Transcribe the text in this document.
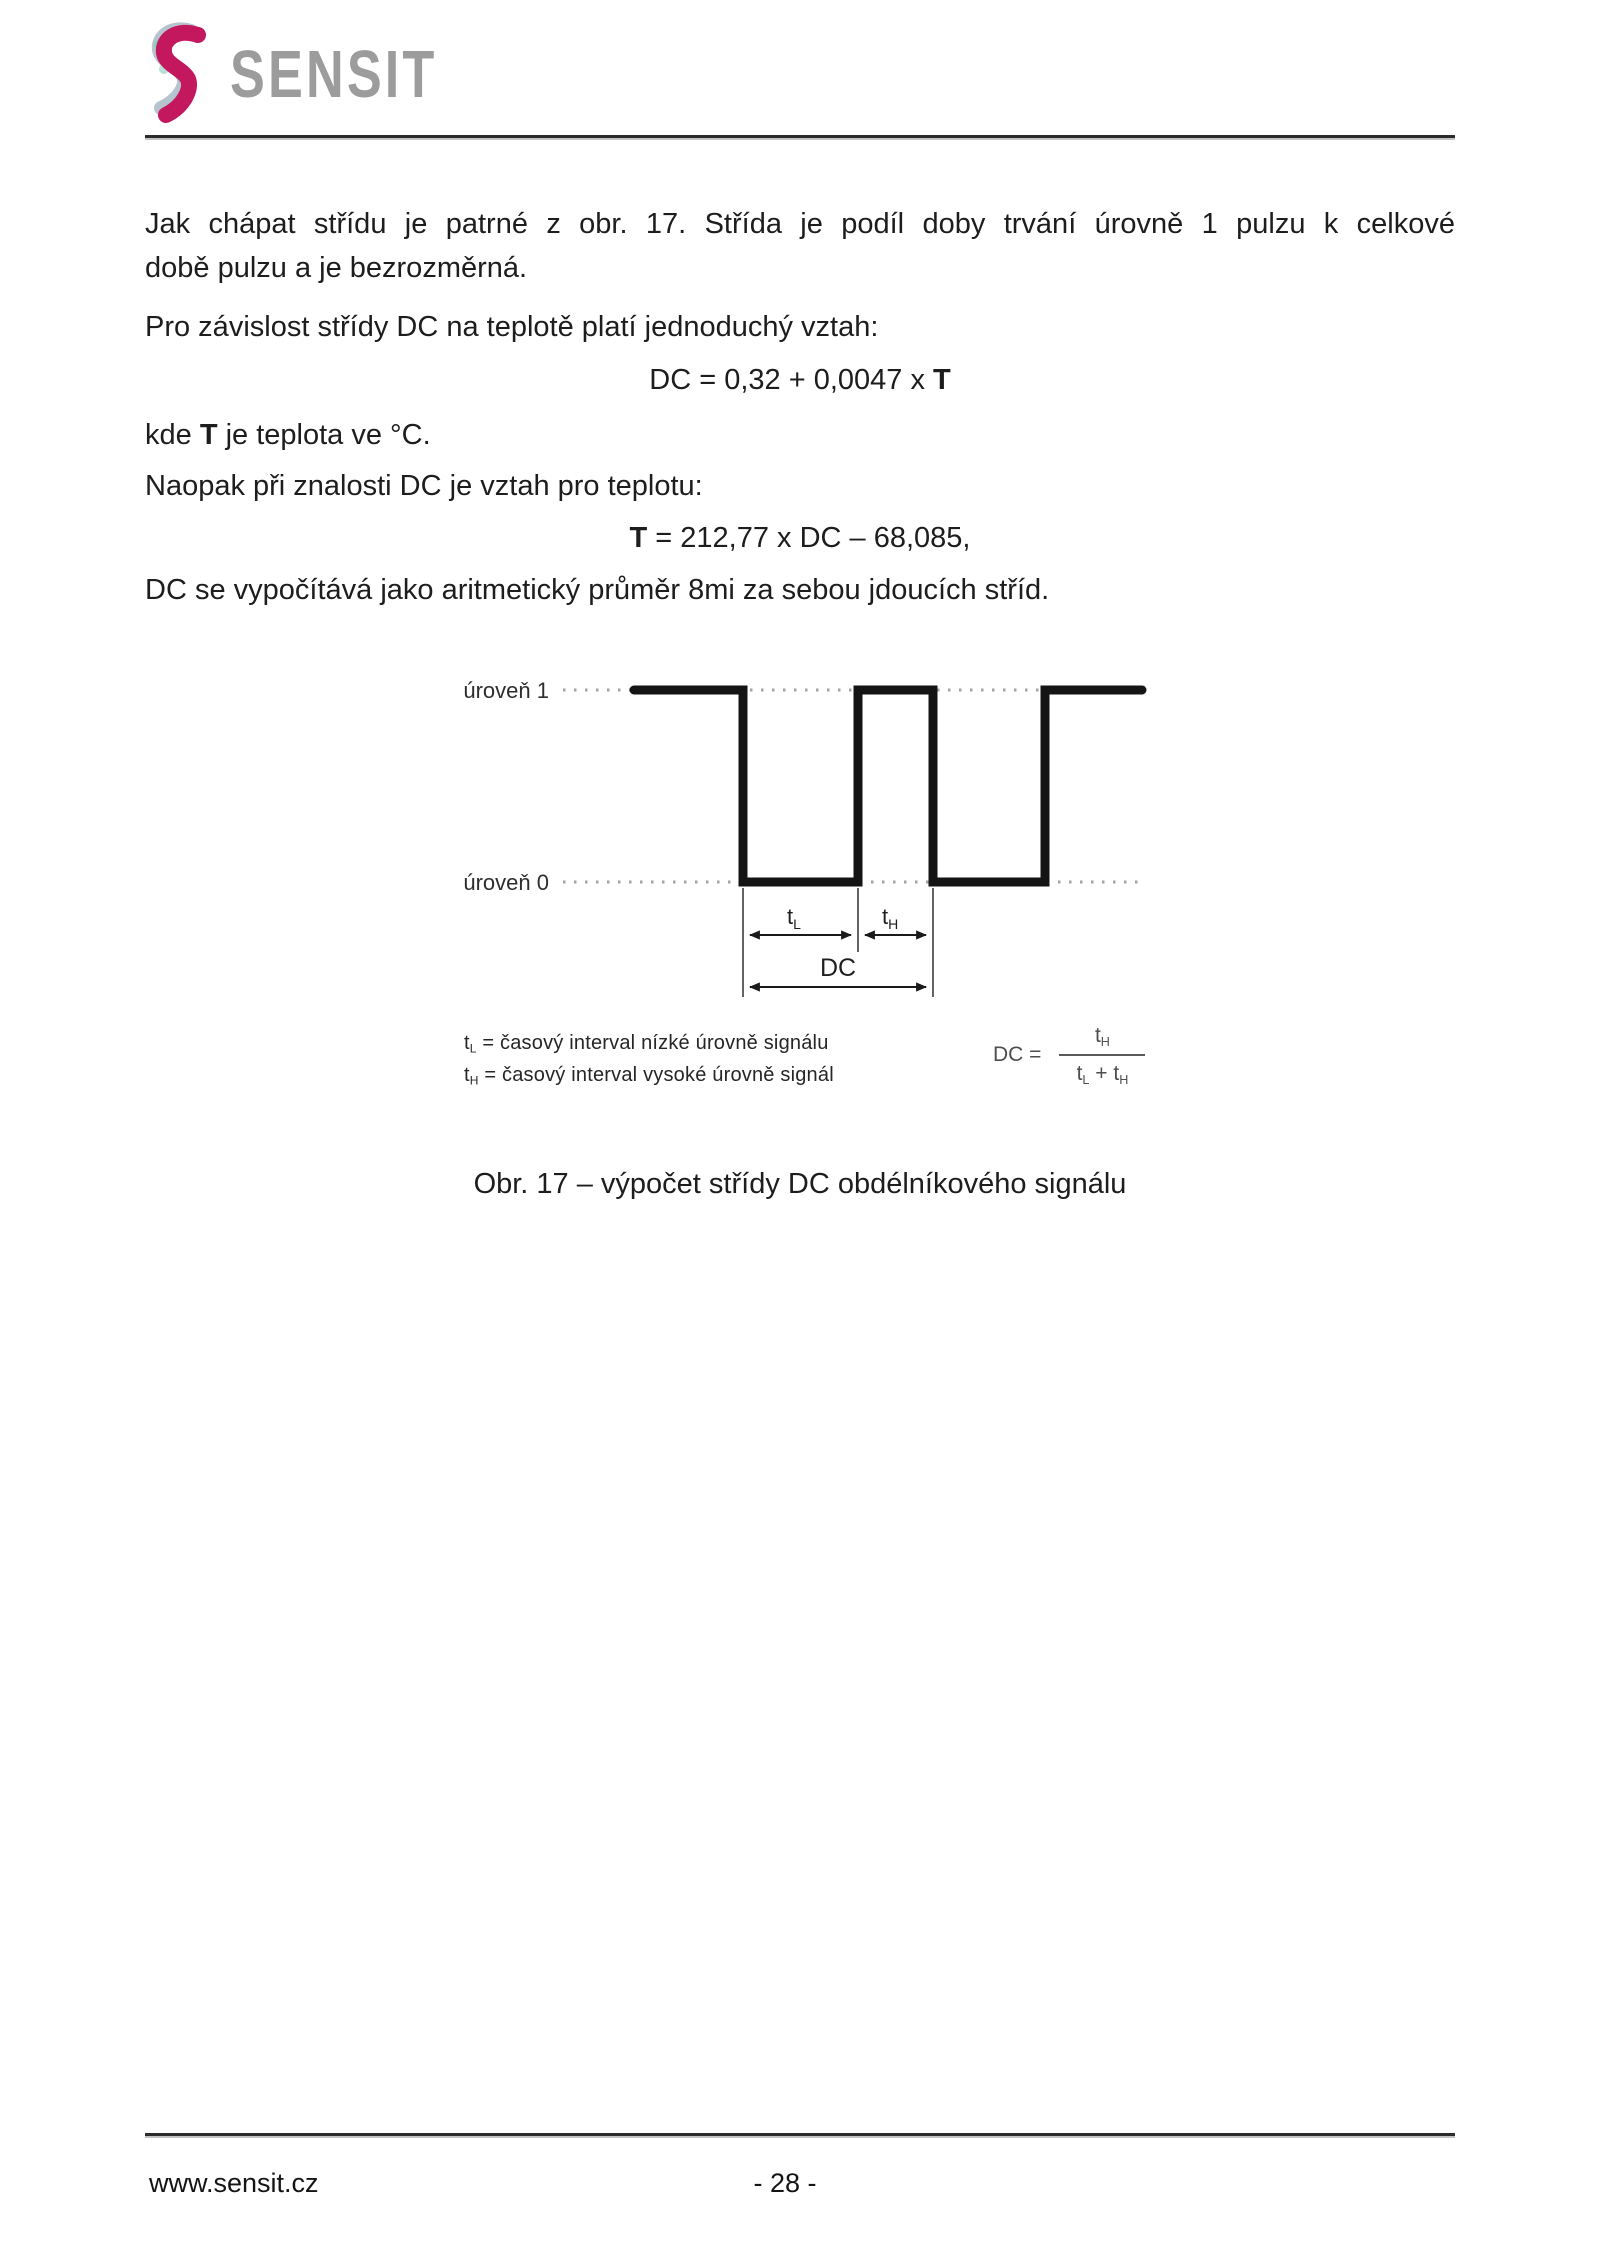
SENSIT

Jak chápat střídu je patrné z obr. 17. Střída je podíl doby trvání úrovně 1 pulzu k celkové

době pulzu a je bezrozměrná.

Pro závislost střídy DC na teplotě platí jednoduchý vztah:

DC = 0,32 + 0,0047 x T

kde T je teplota ve °C.

Naopak při znalosti DC je vztah pro teplotu:

T = 212,77 x DC – 68,085,

DC se vypočítává jako aritmetický průměr 8mi za sebou jdoucích stříd.

úroveň 1
úroveň 0
$t_L$	$t_H$
DC
$t_L$ = časový interval nízké úrovně signálu
$t_H$ = časový interval vysoké úrovně signál
DC = $\frac{t_H}{t_L + t_H}$

Obr. 17 – výpočet střídy DC obdélníkového signálu

www.sensit.cz	- 28 -
